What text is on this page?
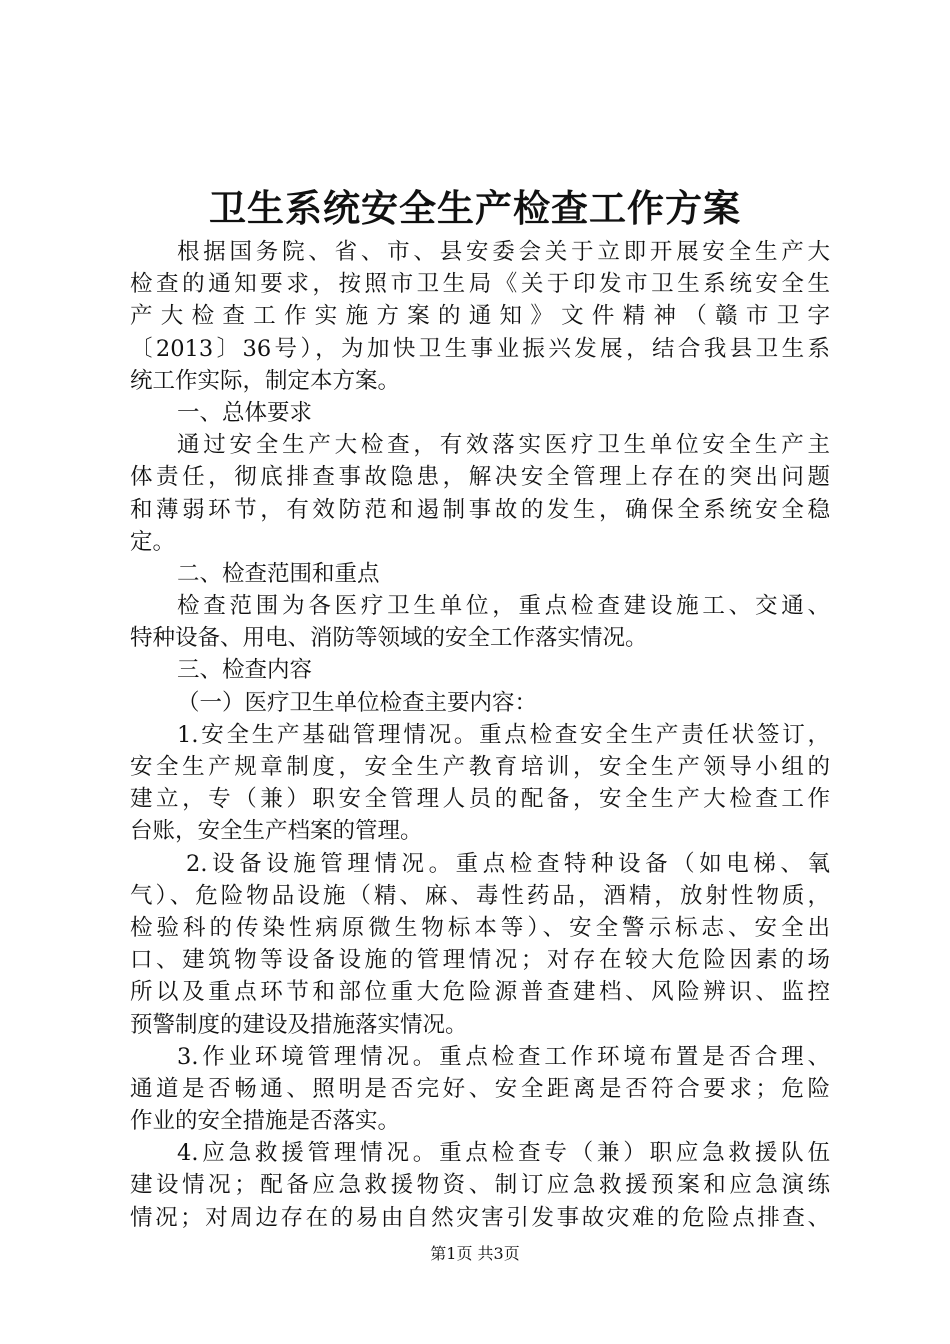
卫生系统安全生产检查工作方案
根据国务院、省、市、县安委会关于立即开展安全生产大
检查的通知要求，按照市卫生局《关于印发市卫生系统安全生
产大检查工作实施方案的通知》文件精神（赣市卫字
〔2013〕36号），为加快卫生事业振兴发展，结合我县卫生系
统工作实际，制定本方案。
一、总体要求
通过安全生产大检查，有效落实医疗卫生单位安全生产主
体责任，彻底排查事故隐患，解决安全管理上存在的突出问题
和薄弱环节，有效防范和遏制事故的发生，确保全系统安全稳
定。
二、检查范围和重点
检查范围为各医疗卫生单位，重点检查建设施工、交通、
特种设备、用电、消防等领域的安全工作落实情况。
三、检查内容
（一）医疗卫生单位检查主要内容：
1.安全生产基础管理情况。重点检查安全生产责任状签订，
安全生产规章制度，安全生产教育培训，安全生产领导小组的
建立，专（兼）职安全管理人员的配备，安全生产大检查工作
台账，安全生产档案的管理。
2.设备设施管理情况。重点检查特种设备（如电梯、氧
气）、危险物品设施（精、麻、毒性药品，酒精，放射性物质，
检验科的传染性病原微生物标本等）、安全警示标志、安全出
口、建筑物等设备设施的管理情况；对存在较大危险因素的场
所以及重点环节和部位重大危险源普查建档、风险辨识、监控
预警制度的建设及措施落实情况。
3.作业环境管理情况。重点检查工作环境布置是否合理、
通道是否畅通、照明是否完好、安全距离是否符合要求；危险
作业的安全措施是否落实。
4.应急救援管理情况。重点检查专（兼）职应急救援队伍
建设情况；配备应急救援物资、制订应急救援预案和应急演练
情况；对周边存在的易由自然灾害引发事故灾难的危险点排查、
第1页 共3页
